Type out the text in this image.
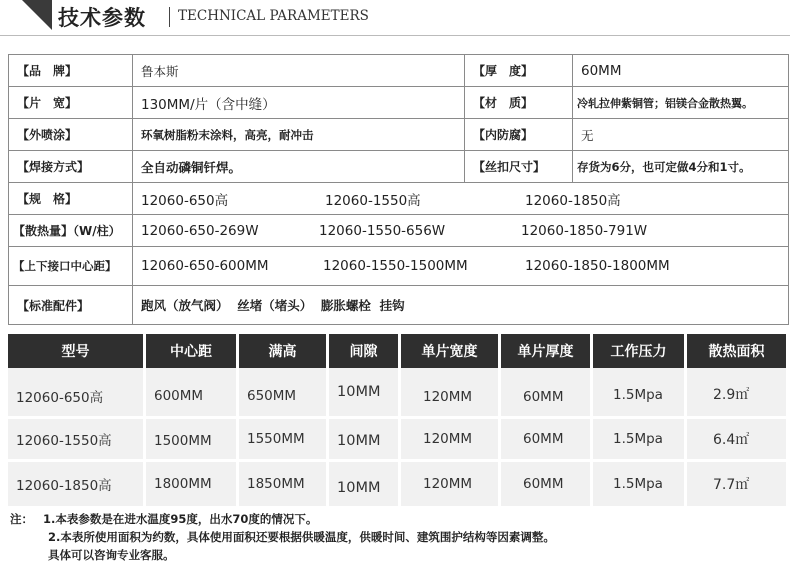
技术参数 TECHNICAL PARAMETERS
【品　牌】	鲁本斯	【厚　度】	60MM
【片　宽】	130MM/片（含中缝）	【材　质】	冷轧拉伸紫铜管；铝镁合金散热翼。
【外喷涂】	环氧树脂粉末涂料，高亮，耐冲击	【内防腐】	无
【焊接方式】	全自动磷铜钎焊。	【丝扣尺寸】	存货为6分，也可定做4分和1寸。
【规　格】	12060-650高 12060-1550高 12060-1850高		
【散热量】（W/柱）	12060-650-269W 12060-1550-656W 12060-1850-791W		
【上下接口中心距】	12060-650-600MM 12060-1550-1500MM 12060-1850-1800MM		
【标准配件】	跑风（放气阀）  丝堵（堵头）  膨胀螺栓  挂钩		
型号	中心距	满高	间隙	单片宽度	单片厚度	工作压力	散热面积
12060-650高	600MM	650MM	10MM	120MM	60MM	1.5Mpa	2.9㎡
12060-1550高	1500MM	1550MM	10MM	120MM	60MM	1.5Mpa	6.4㎡
12060-1850高	1800MM	1850MM	10MM	120MM	60MM	1.5Mpa	7.7㎡
注： 1.本表参数是在进水温度95度，出水70度的情况下。
2.本表所使用面积为约数，具体使用面积还要根据供暖温度，供暖时间、建筑围护结构等因素调整。
具体可以咨询专业客服。
